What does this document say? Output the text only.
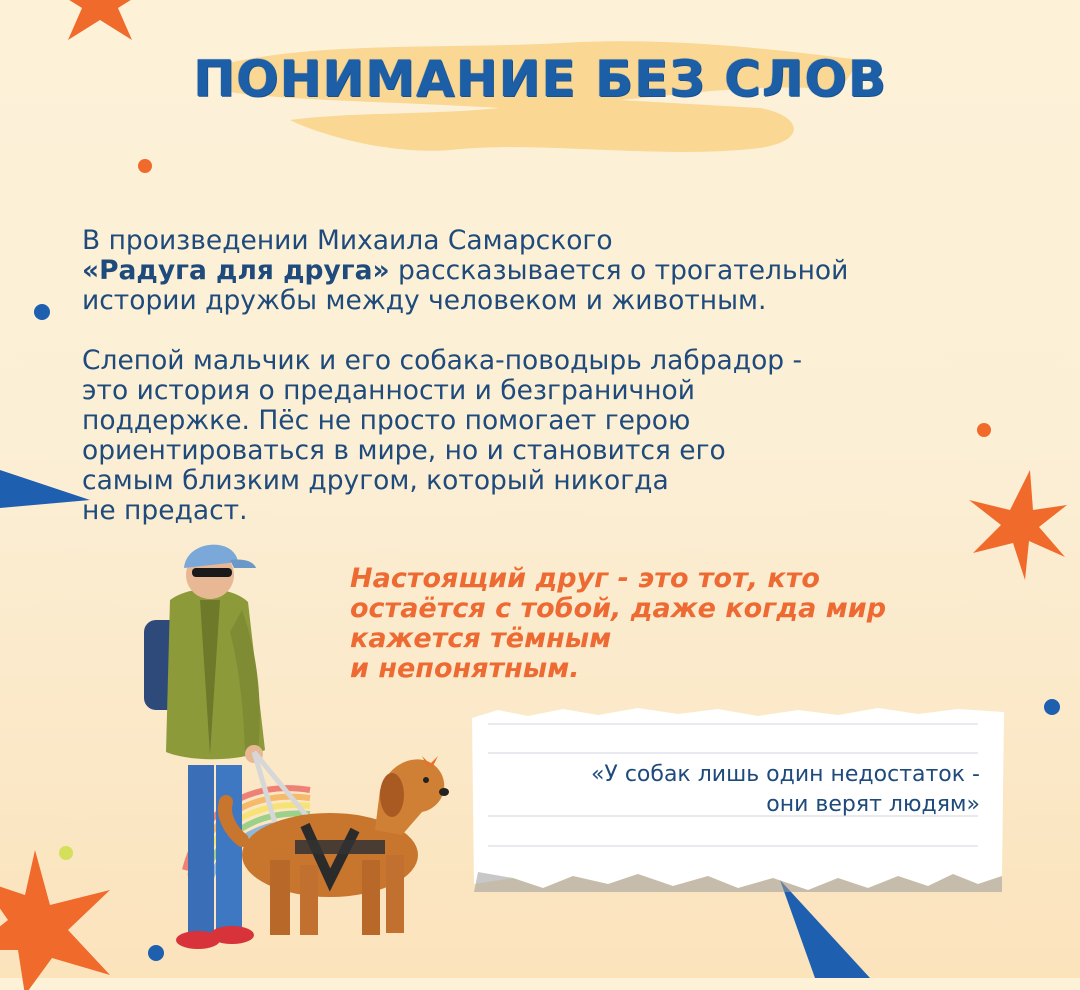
ПОНИМАНИЕ БЕЗ СЛОВ

В произведении Михаила Самарского
«Радуга для друга» рассказывается о трогательной
истории дружбы между человеком и животным.

Слепой мальчик и его собака-поводырь лабрадор -
это история о преданности и безграничной
поддержке. Пёс не просто помогает герою
ориентироваться в мире, но и становится его
самым близким другом, который никогда
не предаст.

Настоящий друг - это тот, кто
остаётся с тобой, даже когда мир
кажется тёмным
и непонятным.

«У собак лишь один недостаток -
они верят людям»
